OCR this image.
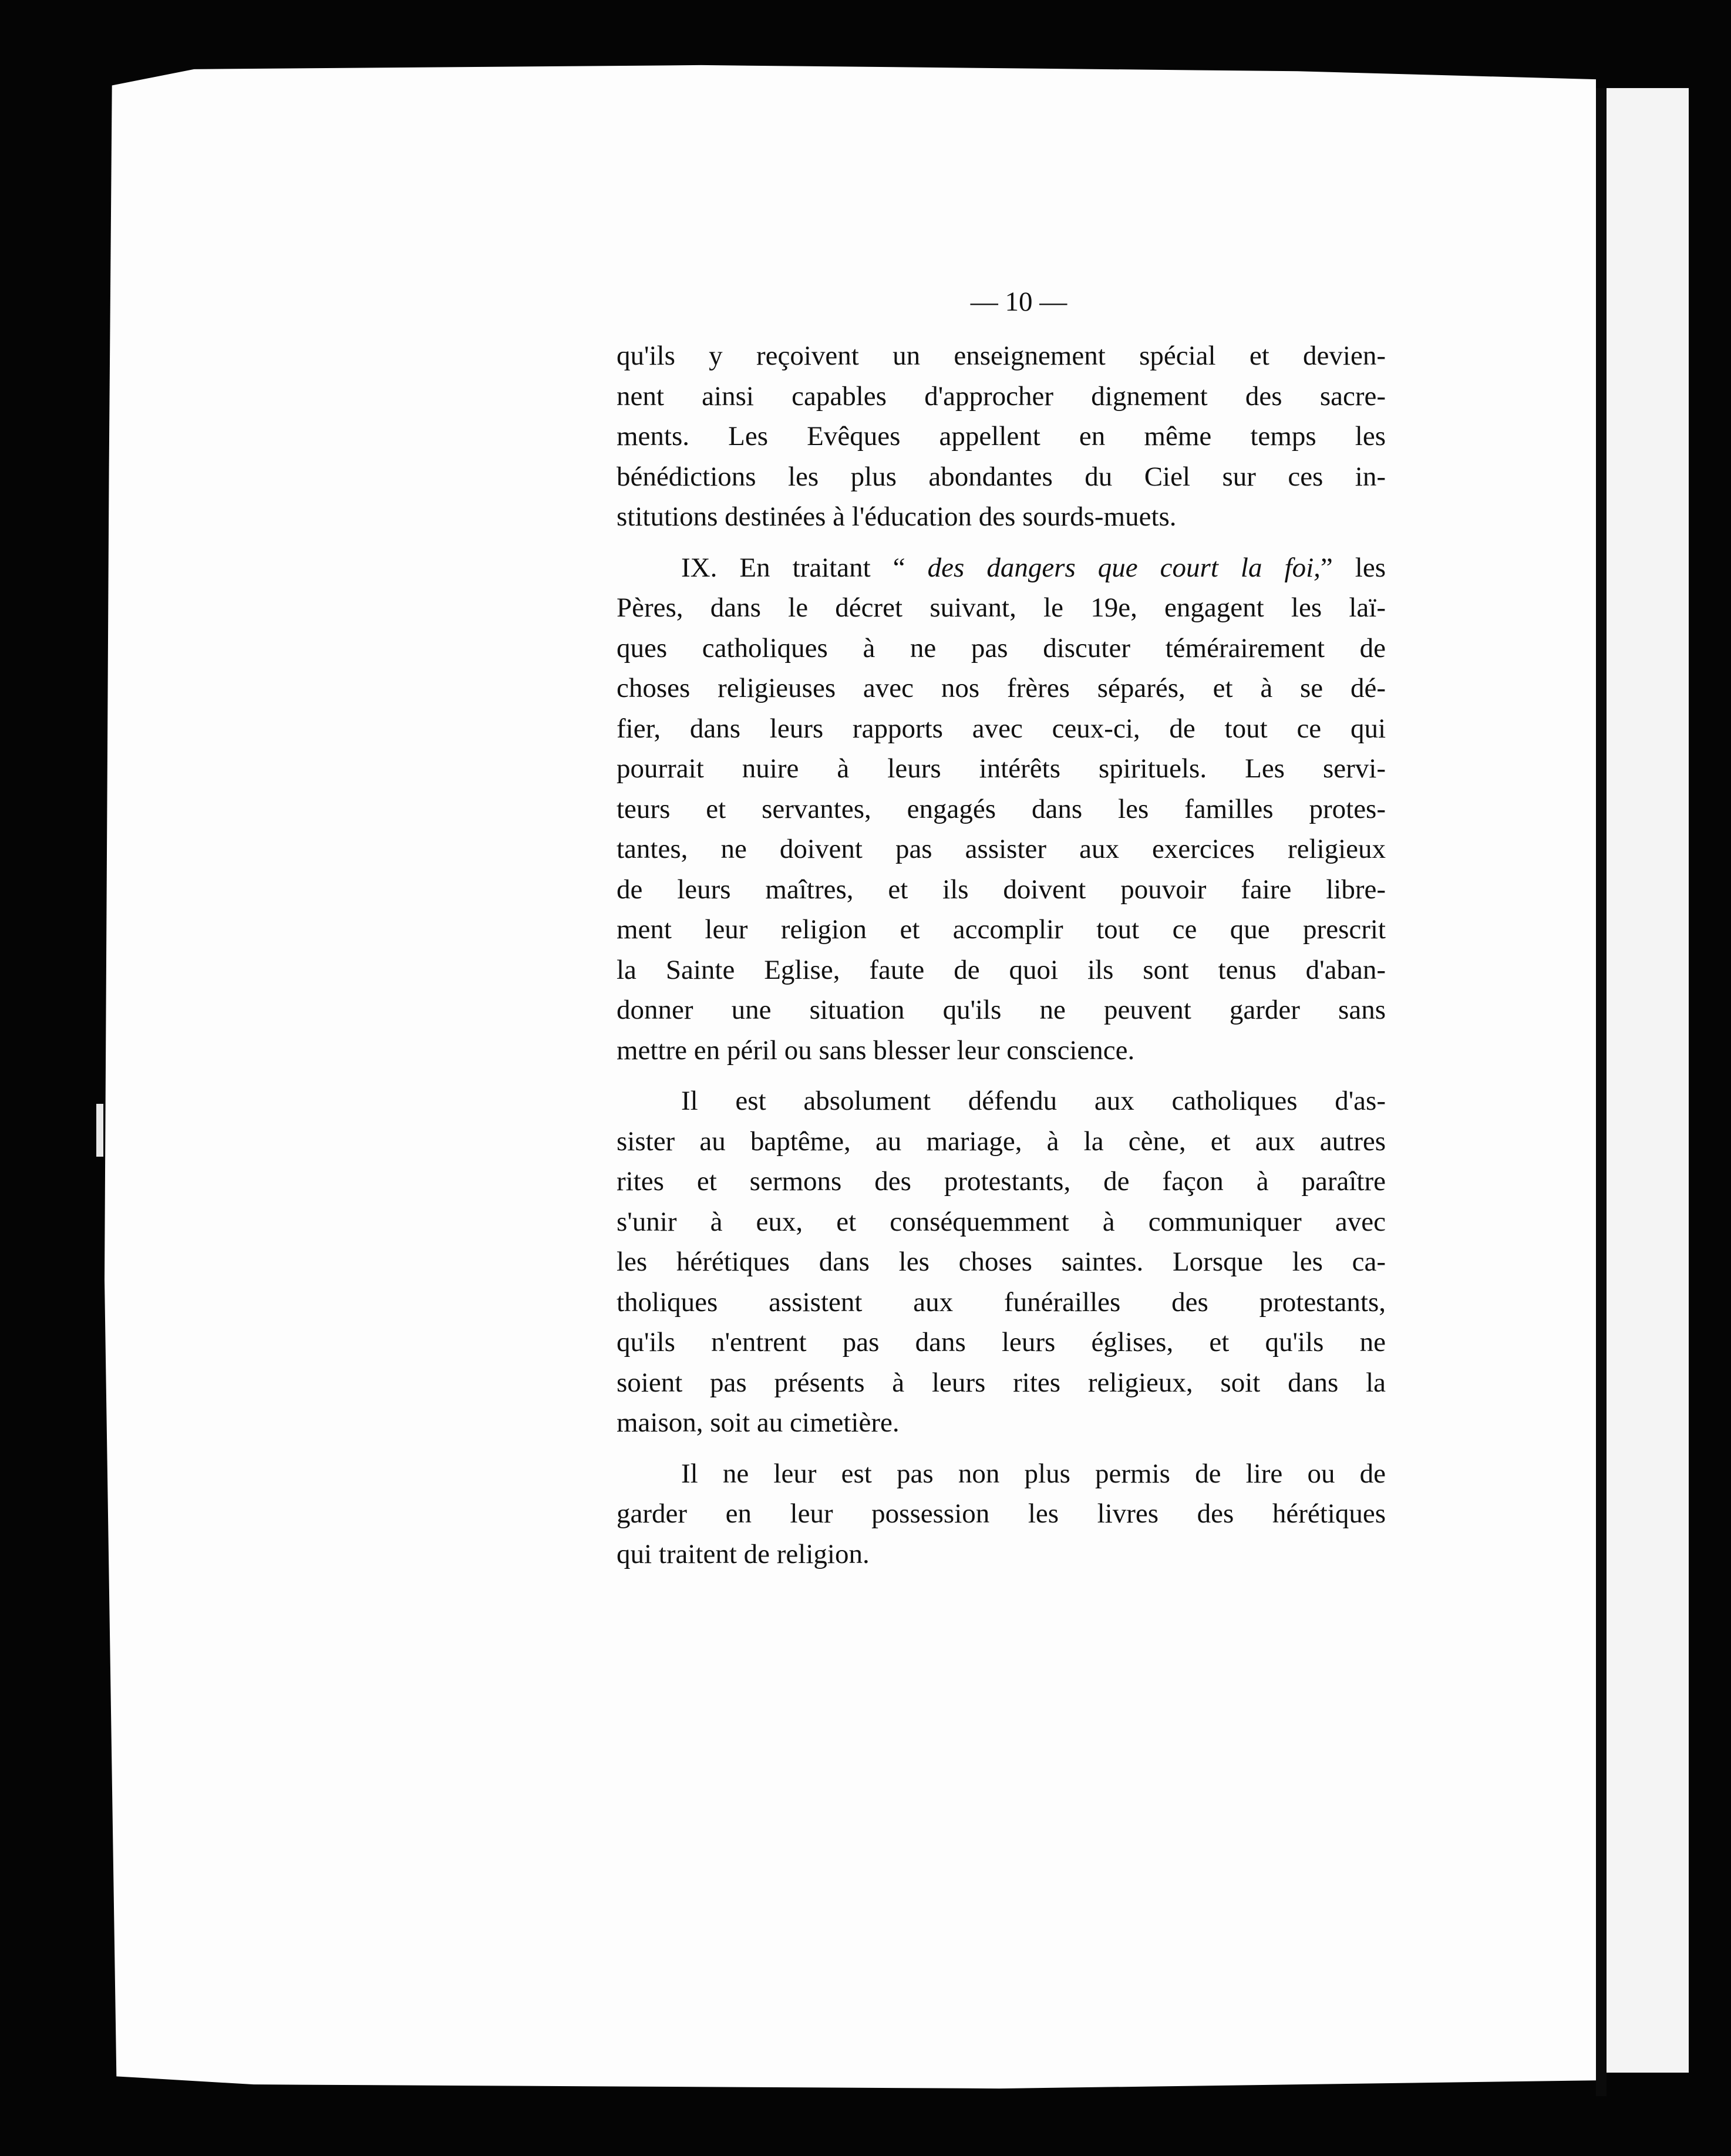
— 10 —

qu'ils y reçoivent un enseignement spécial et devien-
nent ainsi capables d'approcher dignement des sacre-
ments. Les Evêques appellent en même temps les
bénédictions les plus abondantes du Ciel sur ces in-
stitutions destinées à l'éducation des sourds-muets.

IX. En traitant “ des dangers que court la foi,” les
Pères, dans le décret suivant, le 19e, engagent les laï-
ques catholiques à ne pas discuter témérairement de
choses religieuses avec nos frères séparés, et à se dé-
fier, dans leurs rapports avec ceux-ci, de tout ce qui
pourrait nuire à leurs intérêts spirituels. Les servi-
teurs et servantes, engagés dans les familles protes-
tantes, ne doivent pas assister aux exercices religieux
de leurs maîtres, et ils doivent pouvoir faire libre-
ment leur religion et accomplir tout ce que prescrit
la Sainte Eglise, faute de quoi ils sont tenus d'aban-
donner une situation qu'ils ne peuvent garder sans
mettre en péril ou sans blesser leur conscience.

Il est absolument défendu aux catholiques d'as-
sister au baptême, au mariage, à la cène, et aux autres
rites et sermons des protestants, de façon à paraître
s'unir à eux, et conséquemment à communiquer avec
les hérétiques dans les choses saintes. Lorsque les ca-
tholiques assistent aux funérailles des protestants,
qu'ils n'entrent pas dans leurs églises, et qu'ils ne
soient pas présents à leurs rites religieux, soit dans la
maison, soit au cimetière.

Il ne leur est pas non plus permis de lire ou de
garder en leur possession les livres des hérétiques
qui traitent de religion.
